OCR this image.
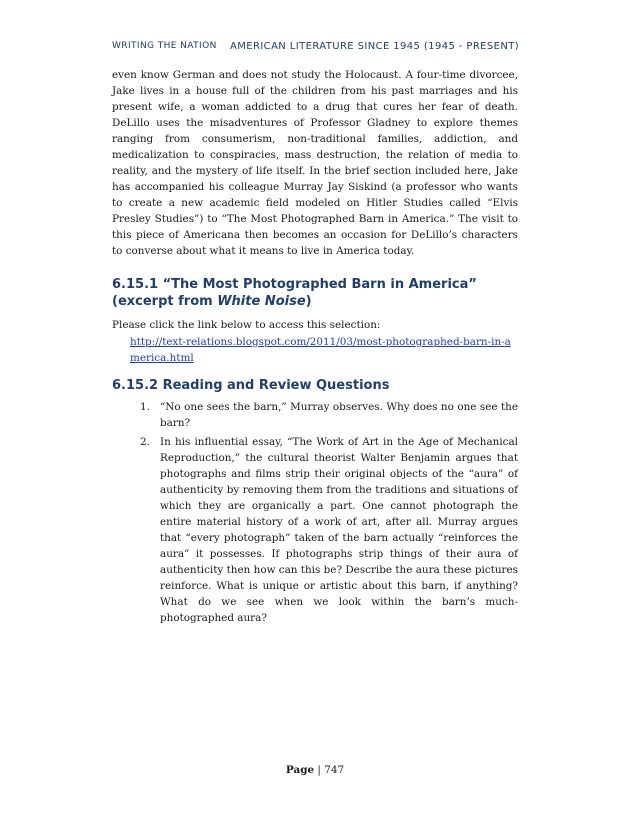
WRITING THE NATION AMERICAN LITERATURE SINCE 1945 (1945 - PRESENT)

even know German and does not study the Holocaust. A four-time divorcee, Jake lives in a house full of the children from his past marriages and his present wife, a woman addicted to a drug that cures her fear of death. DeLillo uses the misadventures of Professor Gladney to explore themes ranging from consumerism, non-traditional families, addiction, and medicalization to conspiracies, mass destruction, the relation of media to reality, and the mystery of life itself. In the brief section included here, Jake has accompanied his colleague Murray Jay Siskind (a professor who wants to create a new academic field modeled on Hitler Studies called “Elvis Presley Studies”) to “The Most Photographed Barn in America.” The visit to this piece of Americana then becomes an occasion for DeLillo’s characters to converse about what it means to live in America today.

6.15.1 “The Most Photographed Barn in America” (excerpt from White Noise)

Please click the link below to access this selection:

http://text-relations.blogspot.com/2011/03/most-photographed-barn-in-america.html
6.15.2 Reading and Review Questions
1. “No one sees the barn,” Murray observes. Why does no one see the barn?
2. In his influential essay, “The Work of Art in the Age of Mechanical Reproduction,” the cultural theorist Walter Benjamin argues that photographs and films strip their original objects of the “aura” of authenticity by removing them from the traditions and situations of which they are organically a part. One cannot photograph the entire material history of a work of art, after all. Murray argues that “every photograph” taken of the barn actually “reinforces the aura” it possesses. If photographs strip things of their aura of authenticity then how can this be? Describe the aura these pictures reinforce. What is unique or artistic about this barn, if anything? What do we see when we look within the barn’s much-photographed aura?
Page | 747
